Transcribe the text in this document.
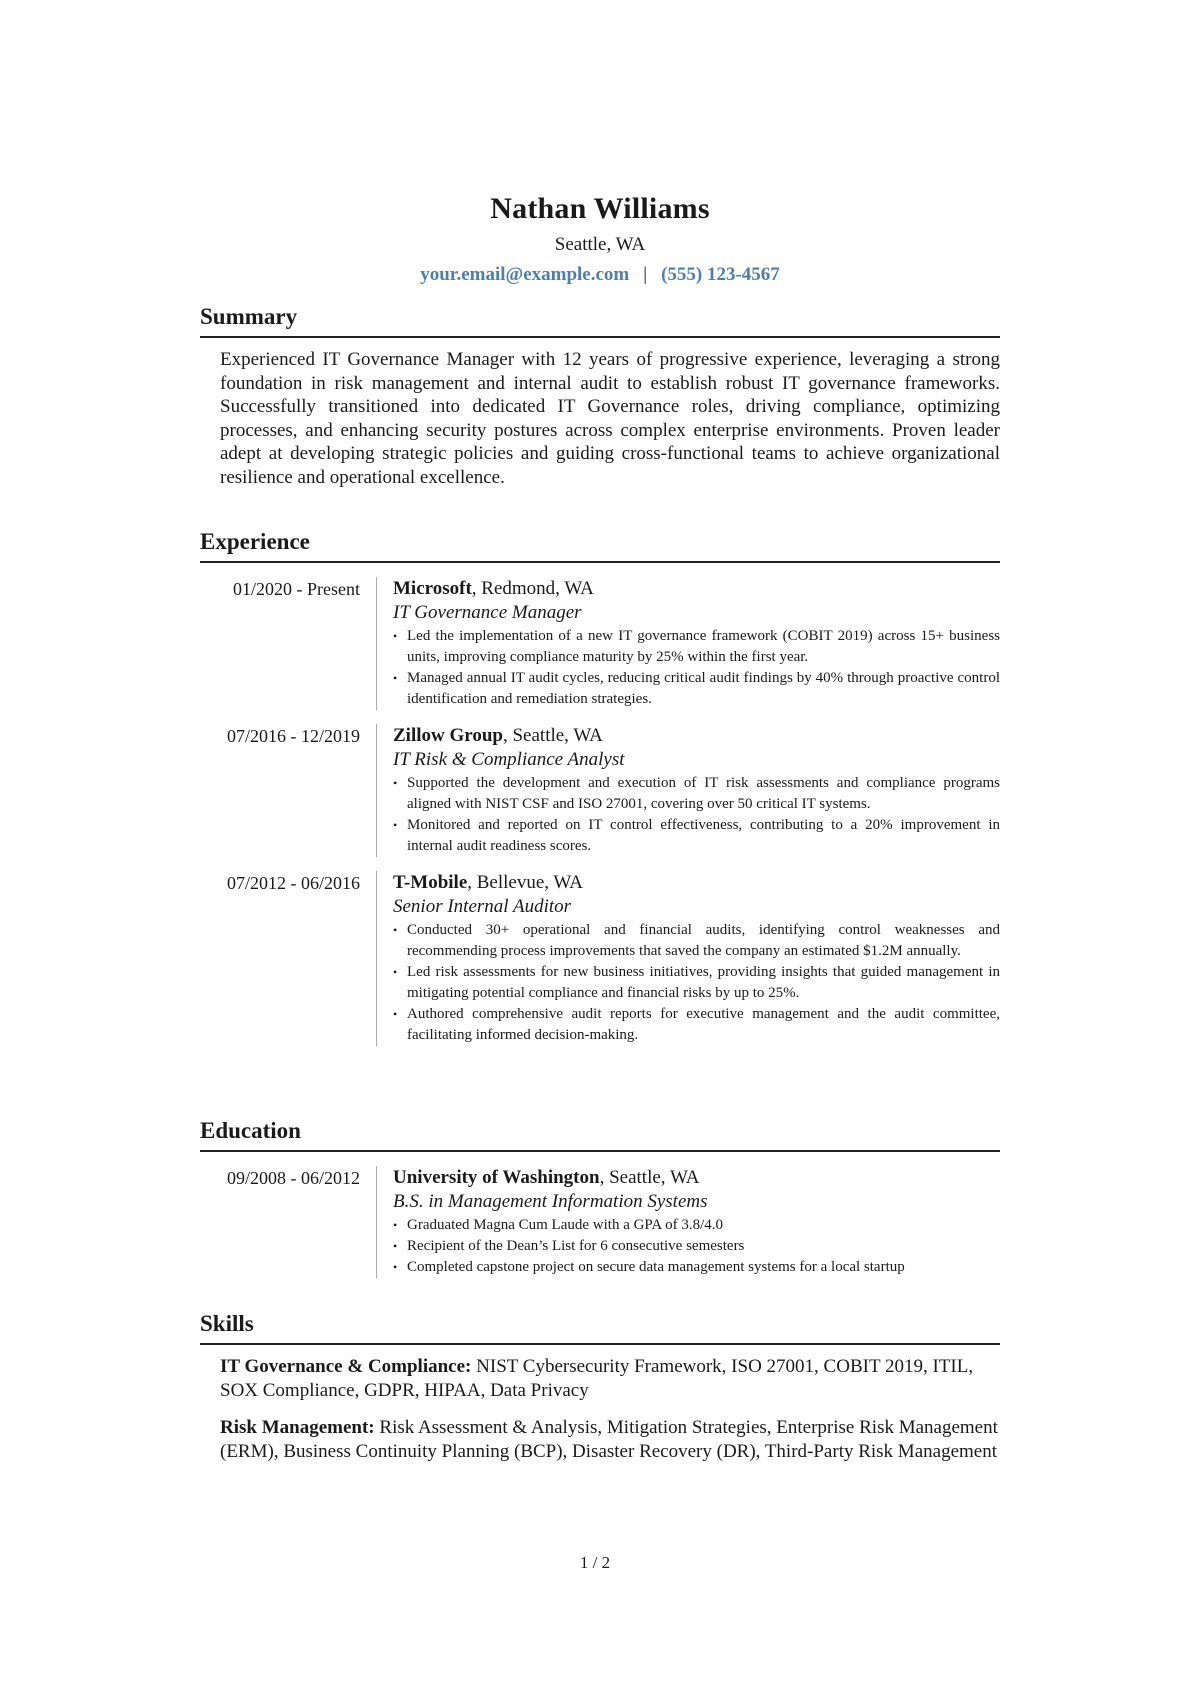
Nathan Williams
Seattle, WA
your.email@example.com | (555) 123-4567
Summary
Experienced IT Governance Manager with 12 years of progressive experience, leveraging a strong foundation in risk management and internal audit to establish robust IT governance frameworks. Successfully transitioned into dedicated IT Governance roles, driving compliance, optimizing processes, and enhancing security postures across complex enterprise environments. Proven leader adept at developing strategic policies and guiding cross-functional teams to achieve organizational resilience and operational excellence.
Experience
01/2020 - Present	Microsoft, Redmond, WA
IT Governance Manager
• Led the implementation of a new IT governance framework (COBIT 2019) across 15+ business units, improving compliance maturity by 25% within the first year.
• Managed annual IT audit cycles, reducing critical audit findings by 40% through proactive control identification and remediation strategies.
07/2016 - 12/2019	Zillow Group, Seattle, WA
IT Risk & Compliance Analyst
• Supported the development and execution of IT risk assessments and compliance programs aligned with NIST CSF and ISO 27001, covering over 50 critical IT systems.
• Monitored and reported on IT control effectiveness, contributing to a 20% improvement in internal audit readiness scores.
07/2012 - 06/2016	T-Mobile, Bellevue, WA
Senior Internal Auditor
• Conducted 30+ operational and financial audits, identifying control weaknesses and recommending process improvements that saved the company an estimated $1.2M annually.
• Led risk assessments for new business initiatives, providing insights that guided management in mitigating potential compliance and financial risks by up to 25%.
• Authored comprehensive audit reports for executive management and the audit committee, facilitating informed decision-making.
Education
09/2008 - 06/2012	University of Washington, Seattle, WA
B.S. in Management Information Systems
• Graduated Magna Cum Laude with a GPA of 3.8/4.0
• Recipient of the Dean’s List for 6 consecutive semesters
• Completed capstone project on secure data management systems for a local startup
Skills
IT Governance & Compliance: NIST Cybersecurity Framework, ISO 27001, COBIT 2019, ITIL, SOX Compliance, GDPR, HIPAA, Data Privacy
Risk Management: Risk Assessment & Analysis, Mitigation Strategies, Enterprise Risk Management (ERM), Business Continuity Planning (BCP), Disaster Recovery (DR), Third-Party Risk Management
1 / 2
